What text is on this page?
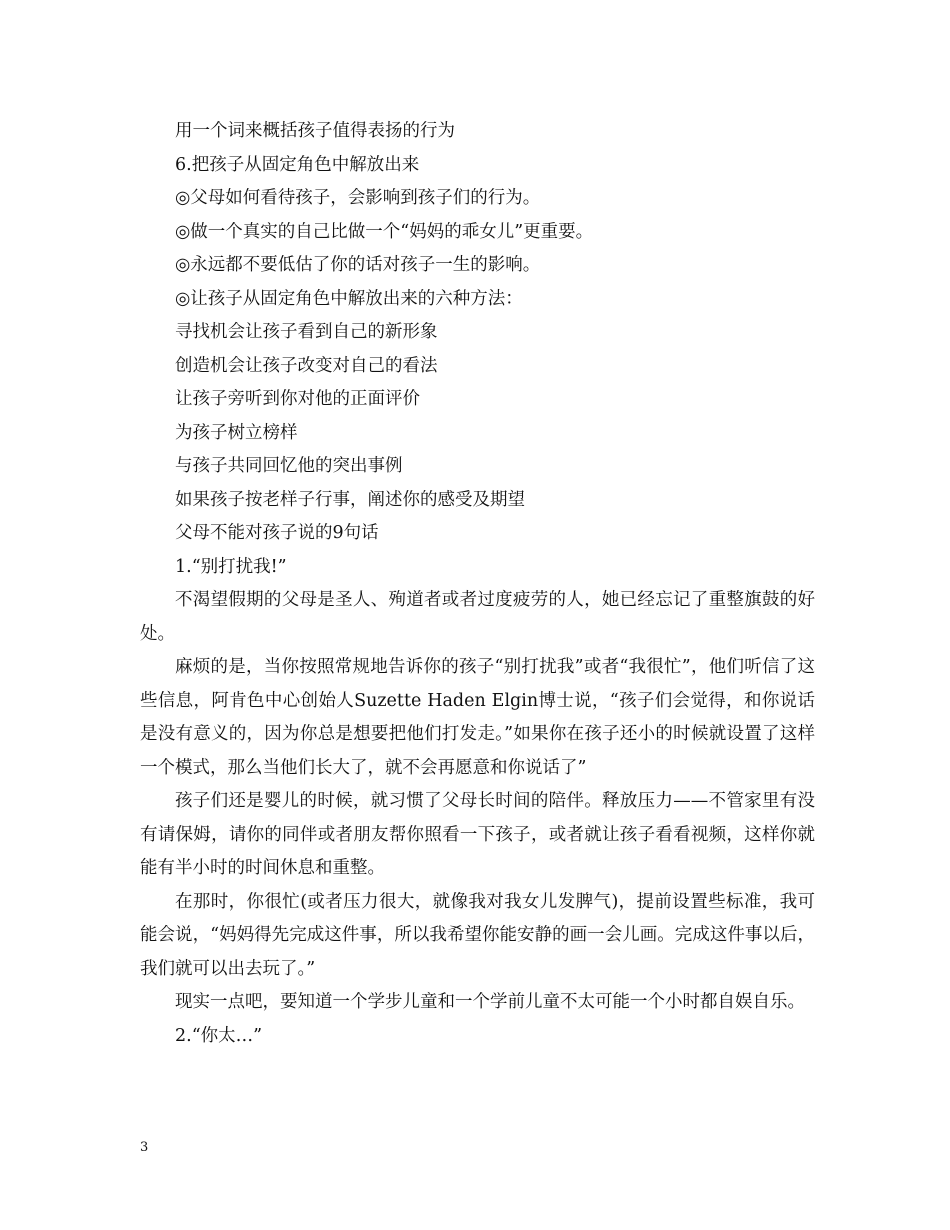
用一个词来概括孩子值得表扬的行为

6.把孩子从固定角色中解放出来

◎父母如何看待孩子，会影响到孩子们的行为。

◎做一个真实的自己比做一个“妈妈的乖女儿”更重要。

◎永远都不要低估了你的话对孩子一生的影响。

◎让孩子从固定角色中解放出来的六种方法：

寻找机会让孩子看到自己的新形象

创造机会让孩子改变对自己的看法

让孩子旁听到你对他的正面评价

为孩子树立榜样

与孩子共同回忆他的突出事例

如果孩子按老样子行事，阐述你的感受及期望

父母不能对孩子说的9句话

1.“别打扰我!”

不渴望假期的父母是圣人、殉道者或者过度疲劳的人，她已经忘记了重整旗鼓的好处。

麻烦的是，当你按照常规地告诉你的孩子“别打扰我”或者“我很忙”，他们听信了这些信息，阿肯色中心创始人Suzette Haden Elgin博士说，“孩子们会觉得，和你说话是没有意义的，因为你总是想要把他们打发走。”如果你在孩子还小的时候就设置了这样一个模式，那么当他们长大了，就不会再愿意和你说话了”

孩子们还是婴儿的时候，就习惯了父母长时间的陪伴。释放压力——不管家里有没有请保姆，请你的同伴或者朋友帮你照看一下孩子，或者就让孩子看看视频，这样你就能有半小时的时间休息和重整。

在那时，你很忙(或者压力很大，就像我对我女儿发脾气)，提前设置些标准，我可能会说，“妈妈得先完成这件事，所以我希望你能安静的画一会儿画。完成这件事以后，我们就可以出去玩了。”

现实一点吧，要知道一个学步儿童和一个学前儿童不太可能一个小时都自娱自乐。

2.“你太…”

3
